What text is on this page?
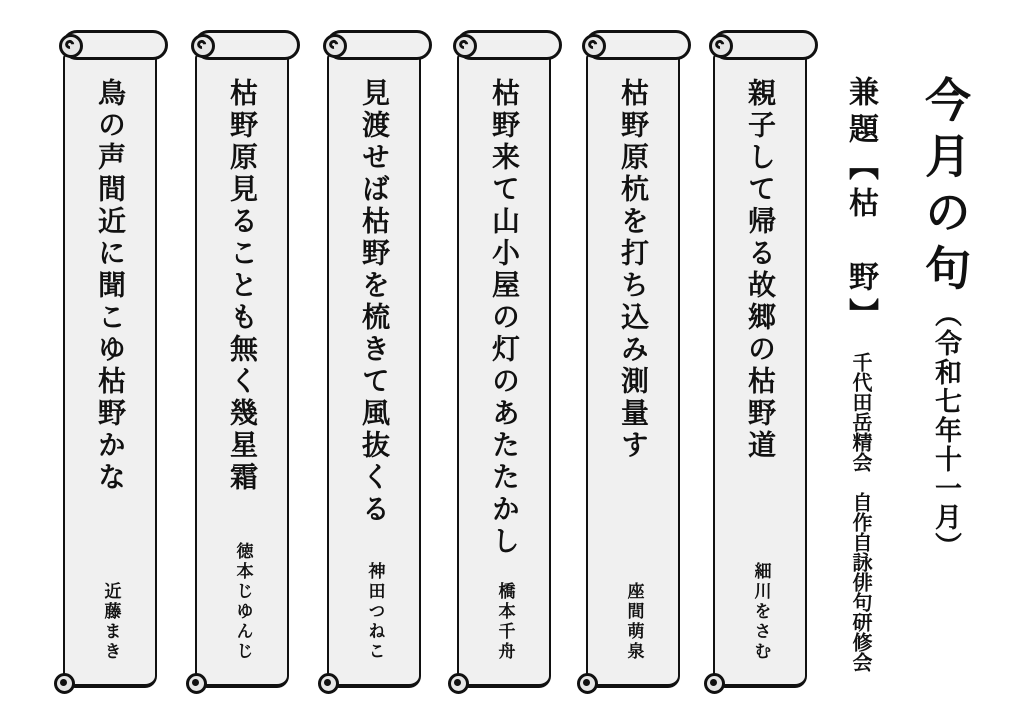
今月の句（令和七年十一月）
兼題【枯　野】
千代田岳精会　自作自詠俳句研修会
親子して帰る故郷の枯野道
細川をさむ
枯野原杭を打ち込み測量す
座間萌泉
枯野来て山小屋の灯のあたたかし
橋本千舟
見渡せば枯野を梳きて風抜くる
神田つねこ
枯野原見ることも無く幾星霜
徳本じゆんじ
鳥の声間近に聞こゆ枯野かな
近藤まき
